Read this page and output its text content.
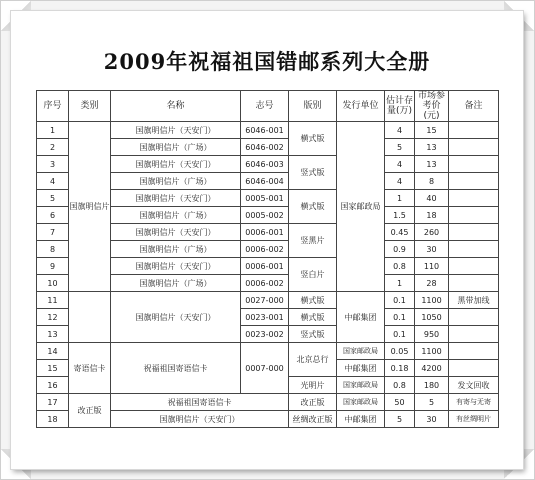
2009年祝福祖国错邮系列大全册
序号	类别	名称	志号	版别	发行单位	估计存量(万)	市场参考价(元)	备注
1	国旗明信片	国旗明信片（天安门）	6046-001	横式版	国家邮政局	4	15	
2		国旗明信片（广场）	6046-002			5	13	
3		国旗明信片（天安门）	6046-003	竖式版		4	13	
4		国旗明信片（广场）	6046-004			4	8	
5		国旗明信片（天安门）	0005-001	横式版		1	40	
6		国旗明信片（广场）	0005-002			1.5	18	
7		国旗明信片（天安门）	0006-001	竖黑片		0.45	260	
8		国旗明信片（广场）	0006-002			0.9	30	
9		国旗明信片（天安门）	0006-001	竖白片		0.8	110	
10		国旗明信片（广场）	0006-002			1	28	
11		国旗明信片（天安门）	0027-000	横式版	中邮集团	0.1	1100	黑带加线
12			0023-001	横式版		0.1	1050	
13			0023-002	竖式版		0.1	950	
14	寄语信卡	祝福祖国寄语信卡	0007-000	北京总行	国家邮政局	0.05	1100	
15					中邮集团	0.18	4200	
16				光明片	国家邮政局	0.8	180	发文回收
17	改正版	祝福祖国寄语信卡		改正版	国家邮政局	50	5	有寄与无寄
18		国旗明信片（天安门）		丝绸改正版	中邮集团	5	30	有丝绸明片
